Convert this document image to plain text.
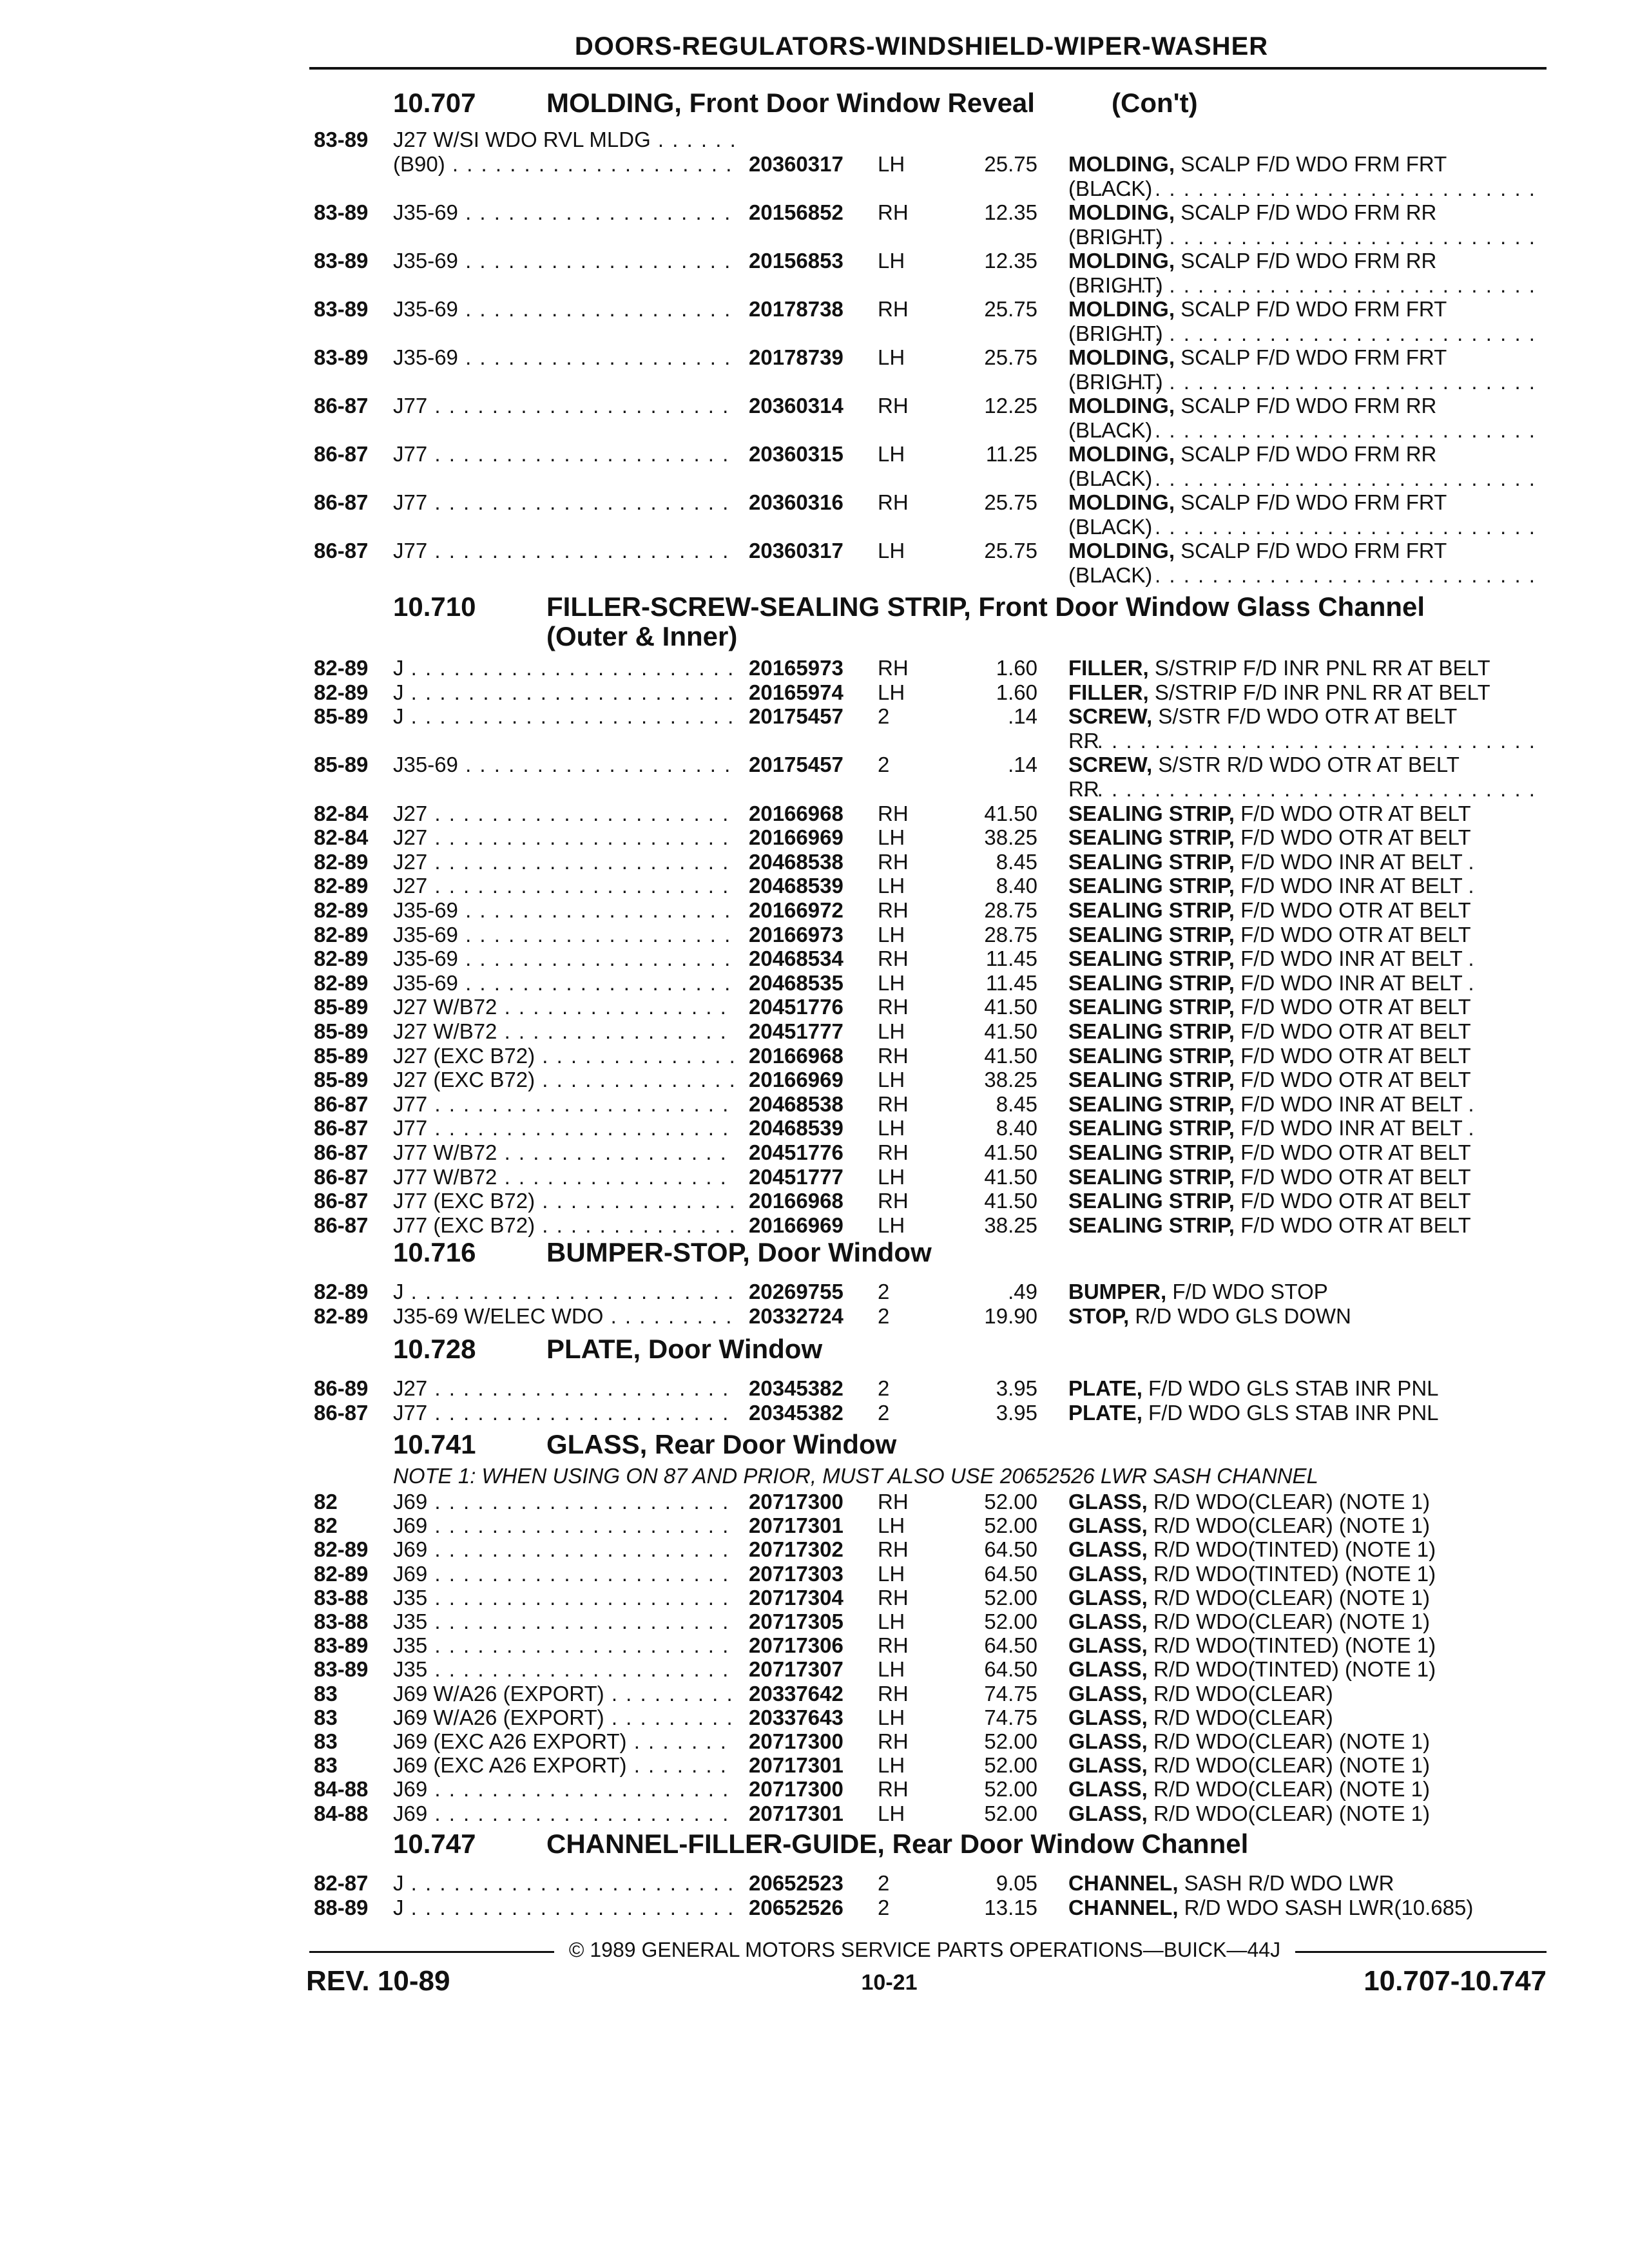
DOORS-REGULATORS-WINDSHIELD-WIPER-WASHER
10.707	MOLDING, Front Door Window Reveal	(Con't)
83-89 J27 W/SI WDO RVL MLDG . . .
(B90) . . .	20360317 LH	25.75 MOLDING, SCALP F/D WDO FRM FRT
(BLACK)
. . .
83-89 J35-69 . . .	20156852 RH	12.35 MOLDING, SCALP F/D WDO FRM RR
(BRIGHT)
. . .
83-89 J35-69 . . .	20156853 LH	12.35 MOLDING, SCALP F/D WDO FRM RR
(BRIGHT)
. . .
83-89 J35-69 . . .	20178738 RH	25.75 MOLDING, SCALP F/D WDO FRM FRT
(BRIGHT)
. . .
83-89 J35-69 . . .	20178739 LH	25.75 MOLDING, SCALP F/D WDO FRM FRT
(BRIGHT)
. . .
86-87 J77 . . .	20360314 RH	12.25 MOLDING, SCALP F/D WDO FRM RR
(BLACK)
. . .
86-87 J77 . . .	20360315 LH	11.25 MOLDING, SCALP F/D WDO FRM RR
(BLACK)
. . .
86-87 J77 . . .	20360316 RH	25.75 MOLDING, SCALP F/D WDO FRM FRT
(BLACK)
. . .
86-87 J77 . . .	20360317 LH	25.75 MOLDING, SCALP F/D WDO FRM FRT
(BLACK)
. . .
10.710	FILLER-SCREW-SEALING STRIP, Front Door Window Glass Channel
(Outer & Inner)
82-89 J . . .	20165973 RH	1.60 FILLER, S/STRIP F/D INR PNL RR AT BELT
82-89 J . . .	20165974 LH	1.60 FILLER, S/STRIP F/D INR PNL RR AT BELT
85-89 J . . .	20175457 2	.14 SCREW, S/STR F/D WDO OTR AT BELT
RR
. . .
85-89 J35-69 . . .	20175457 2	.14 SCREW, S/STR R/D WDO OTR AT BELT
RR
. . .
82-84 J27 . . .	20166968 RH	41.50 SEALING STRIP, F/D WDO OTR AT BELT
82-84 J27 . . .	20166969 LH	38.25 SEALING STRIP, F/D WDO OTR AT BELT
82-89 J27 . . .	20468538 RH	8.45 SEALING STRIP, F/D WDO INR AT BELT .
82-89 J27 . . .	20468539 LH	8.40 SEALING STRIP, F/D WDO INR AT BELT .
82-89 J35-69 . . .	20166972 RH	28.75 SEALING STRIP, F/D WDO OTR AT BELT
82-89 J35-69 . . .	20166973 LH	28.75 SEALING STRIP, F/D WDO OTR AT BELT
82-89 J35-69 . . .	20468534 RH	11.45 SEALING STRIP, F/D WDO INR AT BELT .
82-89 J35-69 . . .	20468535 LH	11.45 SEALING STRIP, F/D WDO INR AT BELT .
85-89 J27 W/B72 . . .	20451776 RH	41.50 SEALING STRIP, F/D WDO OTR AT BELT
85-89 J27 W/B72 . . .	20451777 LH	41.50 SEALING STRIP, F/D WDO OTR AT BELT
85-89 J27 (EXC B72) . . .	20166968 RH	41.50 SEALING STRIP, F/D WDO OTR AT BELT
85-89 J27 (EXC B72) . . .	20166969 LH	38.25 SEALING STRIP, F/D WDO OTR AT BELT
86-87 J77 . . .	20468538 RH	8.45 SEALING STRIP, F/D WDO INR AT BELT .
86-87 J77 . . .	20468539 LH	8.40 SEALING STRIP, F/D WDO INR AT BELT .
86-87 J77 W/B72 . . .	20451776 RH	41.50 SEALING STRIP, F/D WDO OTR AT BELT
86-87 J77 W/B72 . . .	20451777 LH	41.50 SEALING STRIP, F/D WDO OTR AT BELT
86-87 J77 (EXC B72) . . .	20166968 RH	41.50 SEALING STRIP, F/D WDO OTR AT BELT
86-87 J77 (EXC B72) . . .	20166969 LH	38.25 SEALING STRIP, F/D WDO OTR AT BELT
10.716	BUMPER-STOP, Door Window
82-89 J . . .	20269755 2	.49 BUMPER, F/D WDO STOP
82-89 J35-69 W/ELEC WDO . . .	20332724 2	19.90 STOP, R/D WDO GLS DOWN
10.728	PLATE, Door Window
86-89 J27 . . .	20345382 2	3.95 PLATE, F/D WDO GLS STAB INR PNL
86-87 J77 . . .	20345382 2	3.95 PLATE, F/D WDO GLS STAB INR PNL
10.741	GLASS, Rear Door Window
NOTE 1: WHEN USING ON 87 AND PRIOR, MUST ALSO USE 20652526 LWR SASH CHANNEL
82	J69 . . .	20717300 RH	52.00 GLASS, R/D WDO(CLEAR) (NOTE 1)
82	J69 . . .	20717301 LH	52.00 GLASS, R/D WDO(CLEAR) (NOTE 1)
82-89 J69 . . .	20717302 RH	64.50 GLASS, R/D WDO(TINTED) (NOTE 1)
82-89 J69 . . .	20717303 LH	64.50 GLASS, R/D WDO(TINTED) (NOTE 1)
83-88 J35 . . .	20717304 RH	52.00 GLASS, R/D WDO(CLEAR) (NOTE 1)
83-88 J35 . . .	20717305 LH	52.00 GLASS, R/D WDO(CLEAR) (NOTE 1)
83-89 J35 . . .	20717306 RH	64.50 GLASS, R/D WDO(TINTED) (NOTE 1)
83-89 J35 . . .	20717307 LH	64.50 GLASS, R/D WDO(TINTED) (NOTE 1)
83	J69 W/A26 (EXPORT) . . .	20337642 RH	74.75 GLASS, R/D WDO(CLEAR)
83	J69 W/A26 (EXPORT) . . .	20337643 LH	74.75 GLASS, R/D WDO(CLEAR)
83	J69 (EXC A26 EXPORT) . . .	20717300 RH	52.00 GLASS, R/D WDO(CLEAR) (NOTE 1)
83	J69 (EXC A26 EXPORT) . . .	20717301 LH	52.00 GLASS, R/D WDO(CLEAR) (NOTE 1)
84-88 J69 . . .	20717300 RH	52.00 GLASS, R/D WDO(CLEAR) (NOTE 1)
84-88 J69 . . .	20717301 LH	52.00 GLASS, R/D WDO(CLEAR) (NOTE 1)
10.747	CHANNEL-FILLER-GUIDE, Rear Door Window Channel
82-87 J . . .	20652523 2	9.05 CHANNEL, SASH R/D WDO LWR
88-89 J . . .	20652526 2	13.15 CHANNEL, R/D WDO SASH LWR(10.685)
© 1989 GENERAL MOTORS SERVICE PARTS OPERATIONS—BUICK—44J
REV. 10-89	10-21	10.707-10.747
